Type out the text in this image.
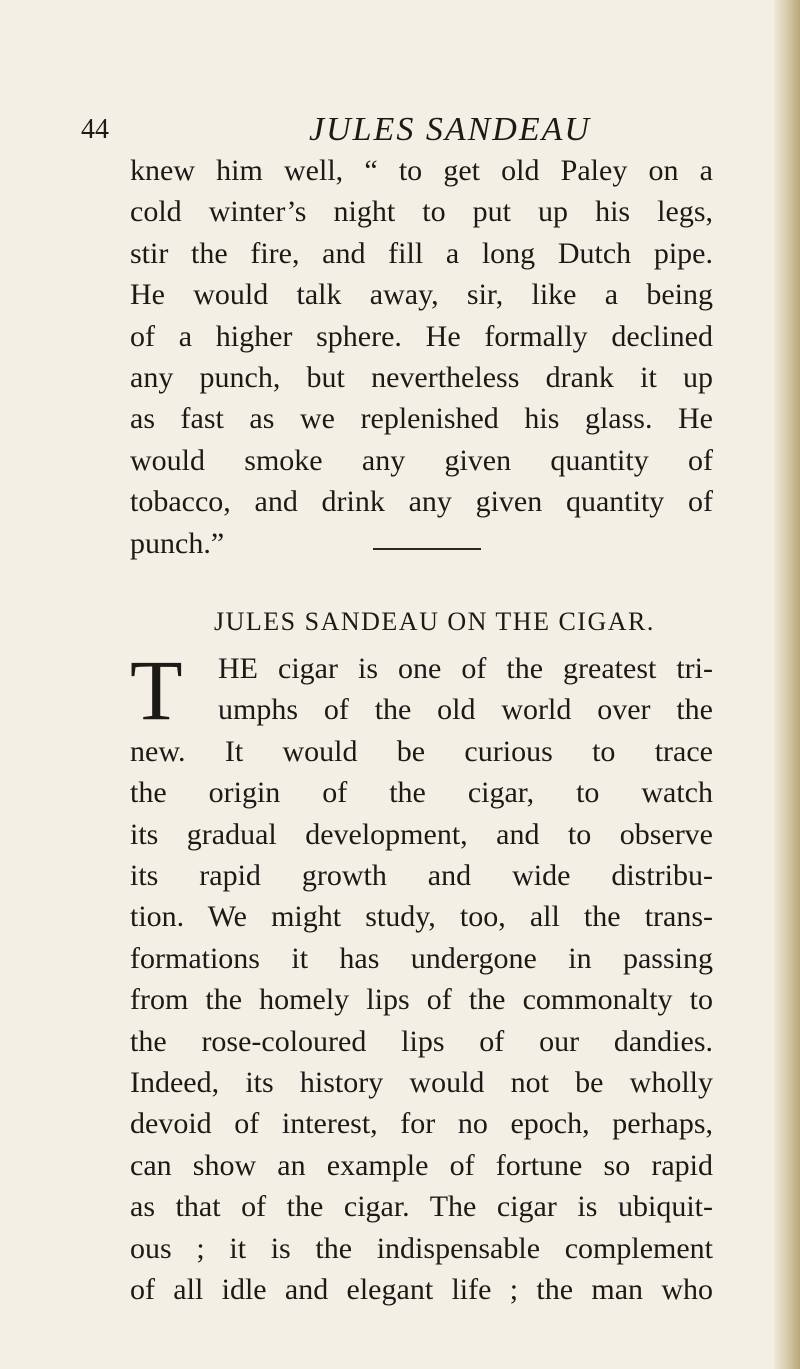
44	JULES SANDEAU
knew him well, “ to get old Paley on a
cold winter’s night to put up his legs,
stir the fire, and fill a long Dutch pipe.
He would talk away, sir, like a being
of a higher sphere. He formally declined
any punch, but nevertheless drank it up
as fast as we replenished his glass. He
would smoke any given quantity of
tobacco, and drink any given quantity of
punch.”
JULES SANDEAU ON THE CIGAR.
T	HE cigar is one of the greatest tri-
umphs of the old world over the
new. It would be curious to trace
the origin of the cigar, to watch
its gradual development, and to observe
its rapid growth and wide distribu-
tion. We might study, too, all the trans-
formations it has undergone in passing
from the homely lips of the commonalty to
the rose-coloured lips of our dandies.
Indeed, its history would not be wholly
devoid of interest, for no epoch, perhaps,
can show an example of fortune so rapid
as that of the cigar. The cigar is ubiquit-
ous ; it is the indispensable complement
of all idle and elegant life ; the man who
